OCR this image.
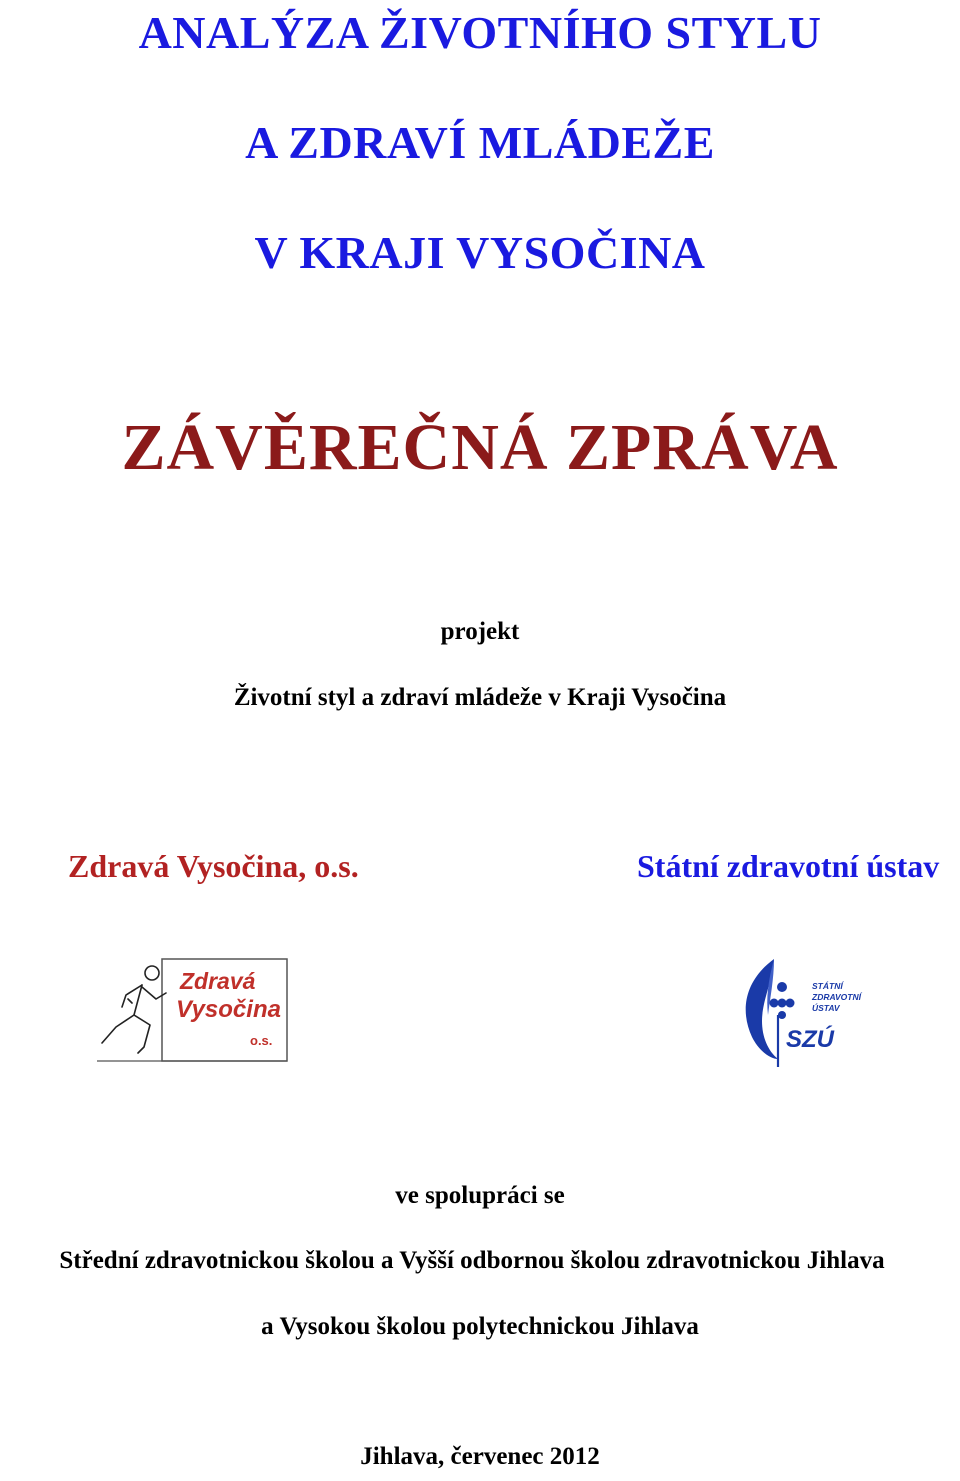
ANALÝZA ŽIVOTNÍHO STYLU
A ZDRAVÍ MLÁDEŽE
V KRAJI VYSOČINA
ZÁVĚREČNÁ ZPRÁVA
projekt
Životní styl a zdraví mládeže v Kraji Vysočina
Zdravá Vysočina, o.s.	Státní zdravotní ústav
Zdravá
Vysočina
o.s.
STÁTNÍ
ZDRAVOTNÍ
ÚSTAV
SZÚ
ve spolupráci se
Střední zdravotnickou školou a Vyšší odbornou školou zdravotnickou Jihlava
a Vysokou školou polytechnickou Jihlava
Jihlava, červenec 2012
